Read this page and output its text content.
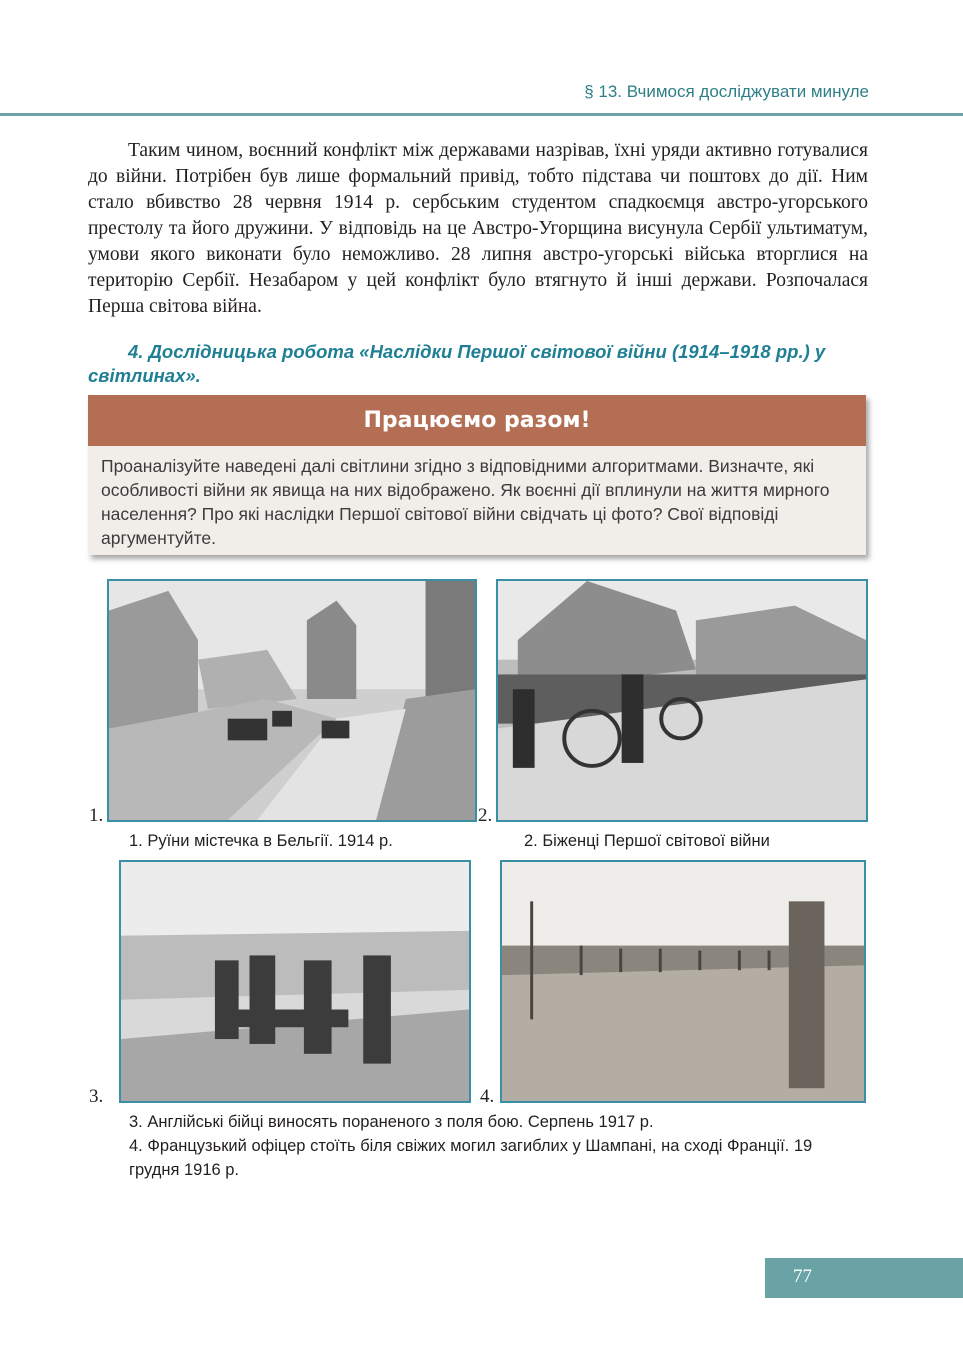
§ 13. Вчимося досліджувати минуле

Таким чином, воєнний конфлікт між державами назрівав, їхні уряди активно готувалися до війни. Потрібен був лише формальний привід, тобто підстава чи поштовх до дії. Ним стало вбивство 28 червня 1914 р. сербським студентом спадкоємця австро-угорського престолу та його дружини. У відповідь на це Австро-Угорщина висунула Сербії ультиматум, умови якого виконати було неможливо. 28 липня австро-угорські війська вторглися на територію Сербії. Незабаром у цей конфлікт було втягнуто й інші держави. Розпочалася Перша світова війна.

4. Дослідницька робота «Наслідки Першої світової війни (1914–1918 рр.) у світлинах».

Працюємо разом!

Проаналізуйте наведені далі світлини згідно з відповідними алгоритмами. Визначте, які особливості війни як явища на них відображено. Як воєнні дії вплинули на життя мирного населення? Про які наслідки Першої світової війни свідчать ці фото? Свої відповіді аргументуйте.

1.	2.
1. Руїни містечка в Бельгії. 1914 р.	2. Біженці Першої світової війни
3.	4.
3. Англійські бійці виносять пораненого з поля бою. Серпень 1917 р.
4. Французький офіцер стоїть біля свіжих могил загиблих у Шампані, на сході Франції. 19 грудня 1916 р.
77
